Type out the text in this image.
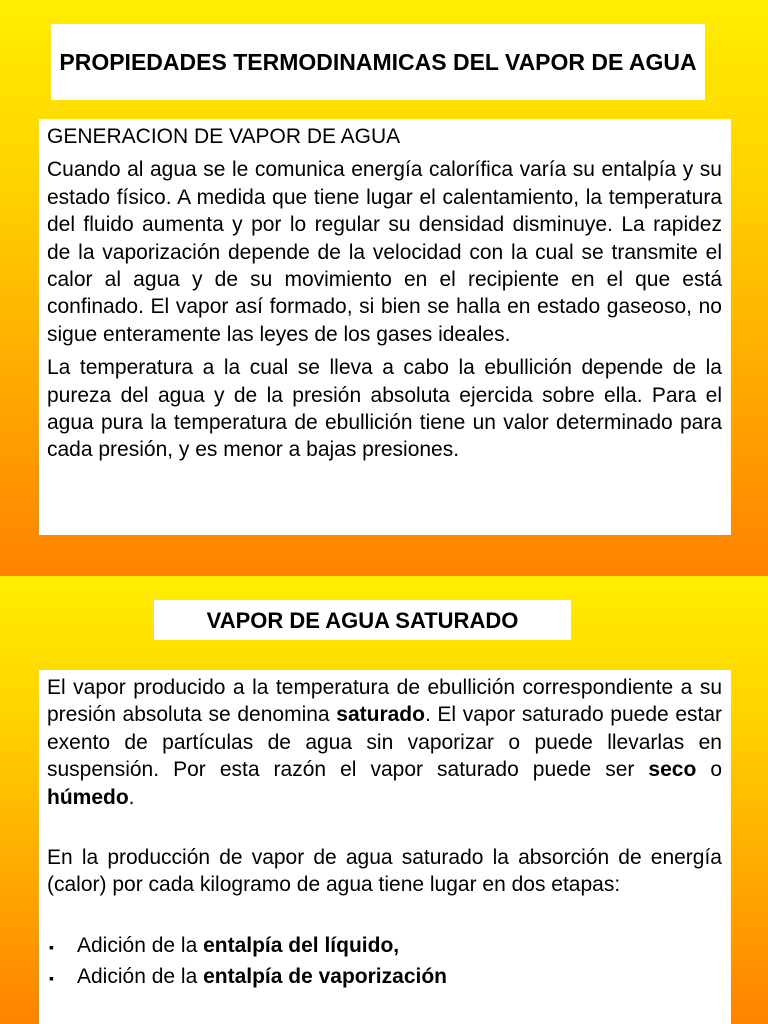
PROPIEDADES TERMODINAMICAS DEL VAPOR DE AGUA

GENERACION DE VAPOR DE AGUA

Cuando al agua se le comunica energía calorífica varía su entalpía y su estado físico. A medida que tiene lugar el calentamiento, la temperatura del fluido aumenta y por lo regular su densidad disminuye. La rapidez de la vaporización depende de la velocidad con la cual se transmite el calor al agua y de su movimiento en el recipiente en el que está confinado. El vapor así formado, si bien se halla en estado gaseoso, no sigue enteramente las leyes de los gases ideales.

La temperatura a la cual se lleva a cabo la ebullición depende de la pureza del agua y de la presión absoluta ejercida sobre ella. Para el agua pura la temperatura de ebullición tiene un valor determinado para cada presión, y es menor a bajas presiones.

VAPOR DE AGUA SATURADO

El vapor producido a la temperatura de ebullición correspondiente a su presión absoluta se denomina saturado. El vapor saturado puede estar exento de partículas de agua sin vaporizar o puede llevarlas en suspensión. Por esta razón el vapor saturado puede ser seco o húmedo.

En la producción de vapor de agua saturado la absorción de energía (calor) por cada kilogramo de agua tiene lugar en dos etapas:

▪	Adición de la entalpía del líquido,
▪	Adición de la entalpía de vaporización
